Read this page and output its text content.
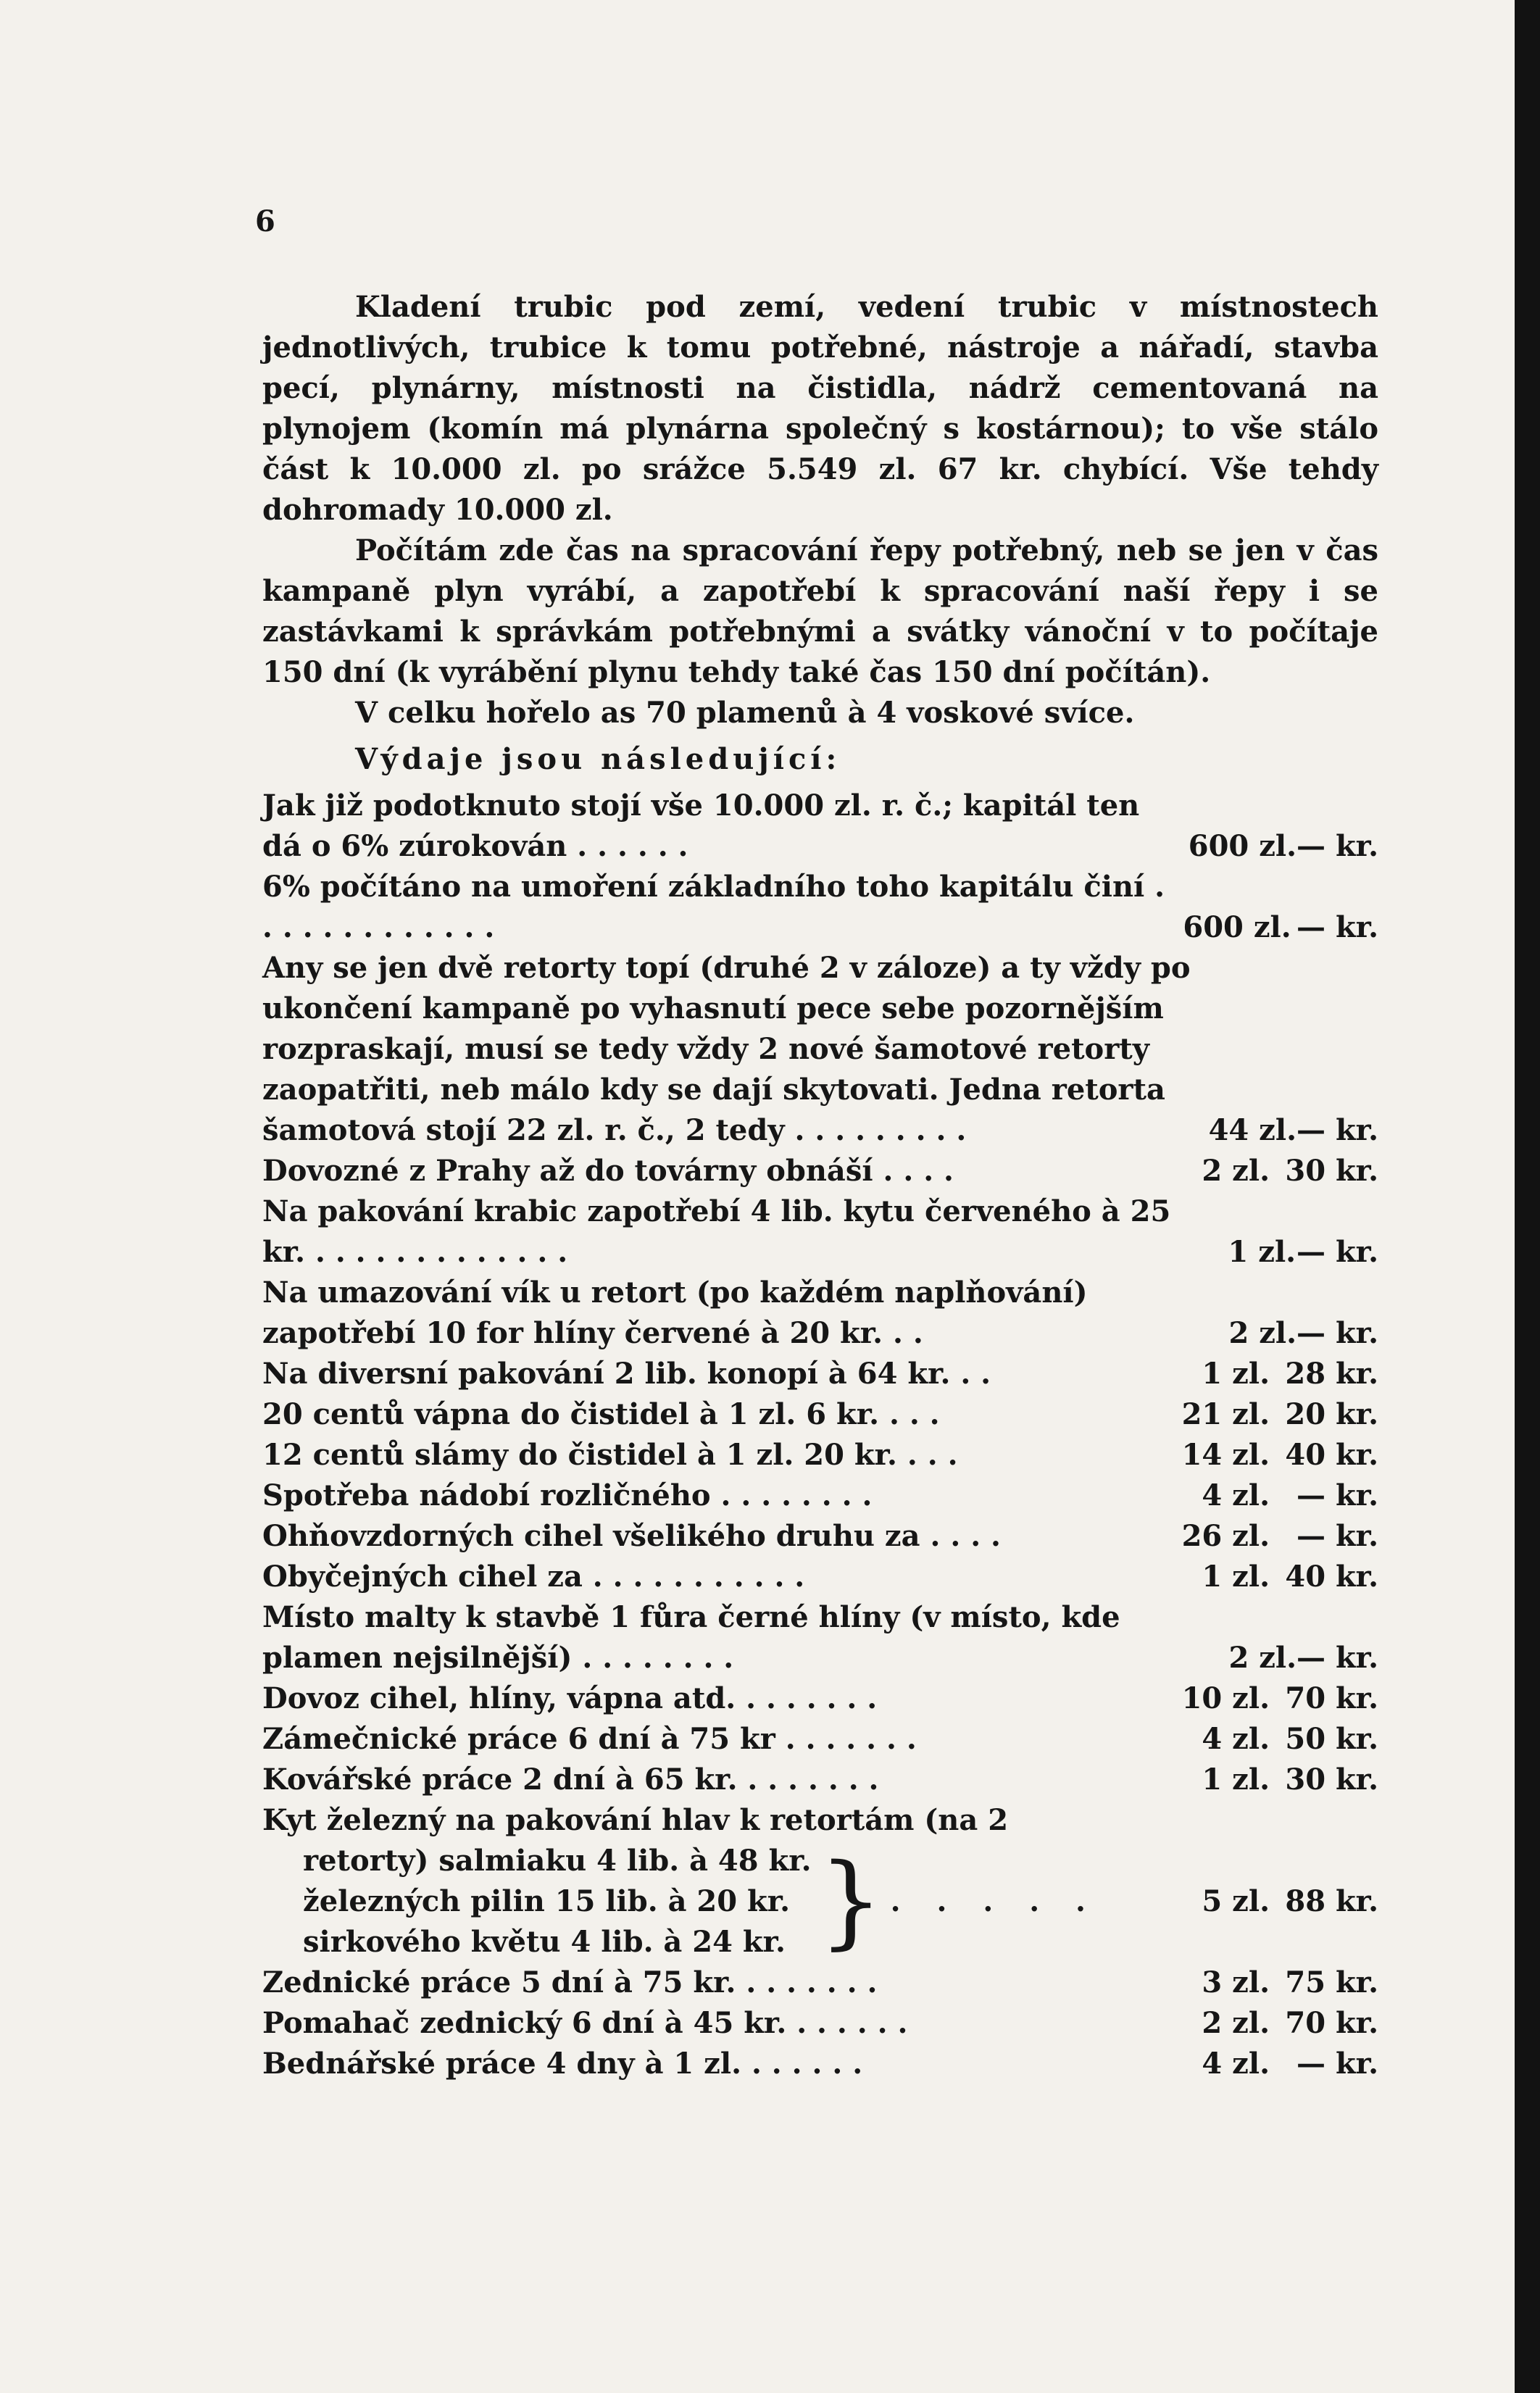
6

Kladení trubic pod zemí, vedení trubic v místnostech jednotlivých, trubice k tomu potřebné, nástroje a nářadí, stavba pecí, plynárny, místnosti na čistidla, nádrž cementovaná na plynojem (komín má plynárna společný s kostárnou); to vše stálo část k 10.000 zl. po srážce 5.549 zl. 67 kr. chybící. Vše tehdy dohromady 10.000 zl.

Počítám zde čas na spracování řepy potřebný, neb se jen v čas kampaně plyn vyrábí, a zapotřebí k spracování naší řepy i se zastávkami k správkám potřebnými a svátky vánoční v to počítaje 150 dní (k vyrábění plynu tehdy také čas 150 dní počítán).

V celku hořelo as 70 plamenů à 4 voskové svíce.

Výdaje jsou následující:

Jak již podotknuto stojí vše 10.000 zl. r. č.; kapitál ten dá o 6% zúrokován . . . . . .	600 zl. — kr.
6% počítáno na umoření základního toho kapitálu činí . . . . . . . . . . . . .	600 zl. — kr.
Any se jen dvě retorty topí (druhé 2 v záloze) a ty vždy po ukončení kampaně po vyhasnutí pece sebe pozornějším rozpraskají, musí se tedy vždy 2 nové šamotové retorty zaopatřiti, neb málo kdy se dají skytovati. Jedna retorta šamotová stojí 22 zl. r. č., 2 tedy . . . . . . . . .	44 zl. — kr.
Dovozné z Prahy až do továrny obnáší . . . .	2 zl. 30 kr.
Na pakování krabic zapotřebí 4 lib. kytu červeného à 25 kr. . . . . . . . . . . . . .	1 zl. — kr.
Na umazování vík u retort (po každém naplňování) zapotřebí 10 for hlíny červené à 20 kr. . .	2 zl. — kr.
Na diversní pakování 2 lib. konopí à 64 kr. . .	1 zl. 28 kr.
20 centů vápna do čistidel à 1 zl. 6 kr. . . .	21 zl. 20 kr.
12 centů slámy do čistidel à 1 zl. 20 kr. . . .	14 zl. 40 kr.
Spotřeba nádobí rozličného . . . . . . . .	4 zl. — kr.
Ohňovzdorných cihel všelikého druhu za . . . .	26 zl. — kr.
Obyčejných cihel za . . . . . . . . . . .	1 zl. 40 kr.
Místo malty k stavbě 1 fůra černé hlíny (v místo, kde plamen nejsilnější) . . . . . . . .	2 zl. — kr.
Dovoz cihel, hlíny, vápna atd. . . . . . . .	10 zl. 70 kr.
Zámečnické práce 6 dní à 75 kr . . . . . . .	4 zl. 50 kr.
Kovářské práce 2 dní à 65 kr. . . . . . . .	1 zl. 30 kr.
Kyt železný na pakování hlav k retortám (na 2
retorty) salmiaku 4 lib. à 48 kr.
železných pilin 15 lib. à 20 kr.
sirkového květu 4 lib. à 24 kr. } . . . . .	5 zl. 88 kr.
Zednické práce 5 dní à 75 kr. . . . . . . .	3 zl. 75 kr.
Pomahač zednický 6 dní à 45 kr. . . . . . .	2 zl. 70 kr.
Bednářské práce 4 dny à 1 zl. . . . . . .	4 zl. — kr.
